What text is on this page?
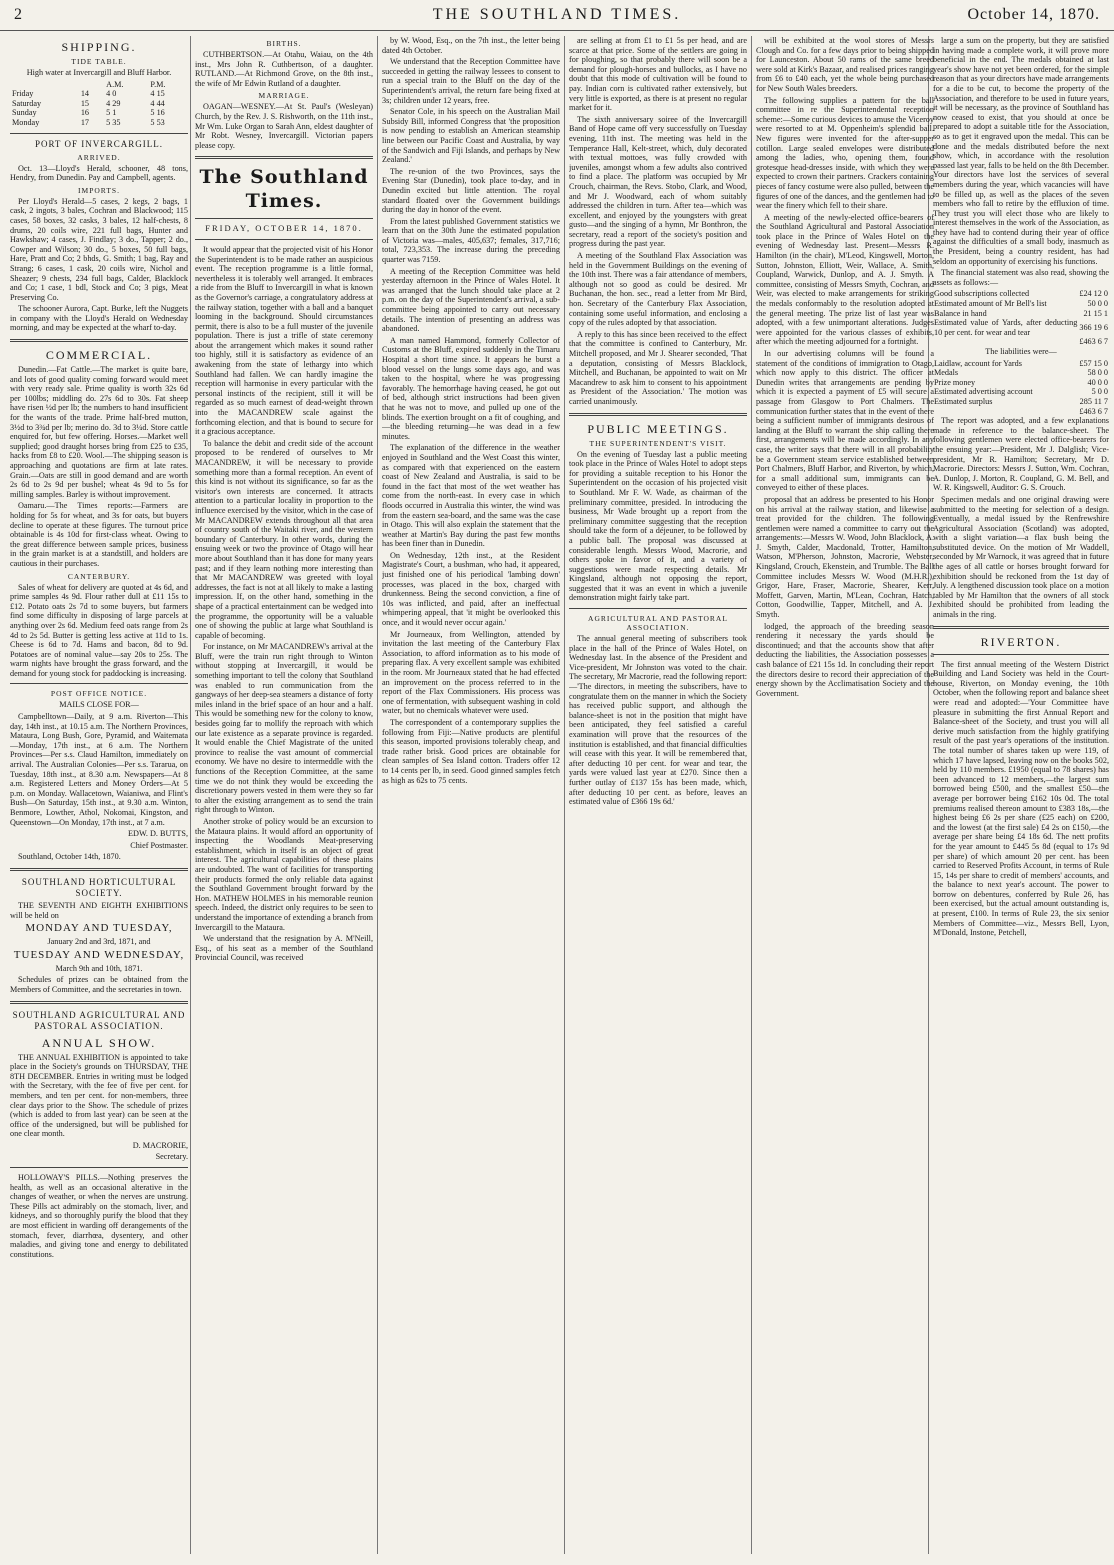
2	THE SOUTHLAND TIMES.	October 14, 1870.
SHIPPING.
TIDE TABLE.

High water at Invercargill and Bluff Harbor.

		A.M.	P.M.
Friday	14	4 0	4 15
Saturday	15	4 29	4 44
Sunday	16	5 1	5 16
Monday	17	5 35	5 53
PORT OF INVERCARGILL.
ARRIVED.

Oct. 13—Lloyd's Herald, schooner, 48 tons, Hendry, from Dunedin. Pay and Campbell, agents.

IMPORTS.

Per Lloyd's Herald—5 cases, 2 kegs, 2 bags, 1 cask, 2 ingots, 3 bales, Cochran and Blackwood; 115 cases, 58 boxes, 32 casks, 3 bales, 12 half-chests, 8 drums, 20 coils wire, 221 full bags, Hunter and Hawkshaw; 4 cases, J. Findlay; 3 do., Tapper; 2 do., Cowper and Wilson; 30 do., 5 boxes, 50 full bags, Hare, Pratt and Co; 2 bhds, G. Smith; 1 bag, Ray and Strang; 6 cases, 1 cask, 20 coils wire, Nichol and Sheazer; 9 chests, 234 full bags, Calder, Blacklock and Co; 1 case, 1 bdl, Stock and Co; 3 pigs, Meat Preserving Co.

The schooner Aurora, Capt. Burke, left the Nuggets in company with the Lloyd's Herald on Wednesday morning, and may be expected at the wharf to-day.

COMMERCIAL.

Dunedin.—Fat Cattle.—The market is quite bare, and lots of good quality coming forward would meet with very ready sale. Prime quality is worth 32s 6d per 100lbs; middling do. 27s 6d to 30s. Fat sheep have risen ½d per lb; the numbers to hand insufficient for the wants of the trade. Prime half-bred mutton, 3½d to 3¾d per lb; merino do. 3d to 3¼d. Store cattle enquired for, but few offering. Horses.—Market well supplied; good draught horses bring from £25 to £35, hacks from £8 to £20. Wool.—The shipping season is approaching and quotations are firm at late rates. Grain.—Oats are still in good demand and are worth 2s 6d to 2s 9d per bushel; wheat 4s 9d to 5s for milling samples. Barley is without improvement.

Oamaru.—The Times reports:—Farmers are holding for 5s for wheat, and 3s for oats, but buyers decline to operate at these figures. The turnout price obtainable is 4s 10d for first-class wheat. Owing to the great difference between sample prices, business in the grain market is at a standstill, and holders are cautious in their purchases.

CANTERBURY.

Sales of wheat for delivery are quoted at 4s 6d, and prime samples 4s 9d. Flour rather dull at £11 15s to £12. Potato oats 2s 7d to some buyers, but farmers find some difficulty in disposing of large parcels at anything over 2s 6d. Medium feed oats range from 2s 4d to 2s 5d. Butter is getting less active at 11d to 1s. Cheese is 6d to 7d. Hams and bacon, 8d to 9d. Potatoes are of nominal value—say 20s to 25s. The warm nights have brought the grass forward, and the demand for young stock for paddocking is increasing.

POST OFFICE NOTICE.

MAILS CLOSE FOR—

Campbelltown—Daily, at 9 a.m. Riverton—This day, 14th inst., at 10.15 a.m. The Northern Provinces, Mataura, Long Bush, Gore, Pyramid, and Waitemata—Monday, 17th inst., at 6 a.m. The Northern Provinces—Per s.s. Claud Hamilton, immediately on arrival. The Australian Colonies—Per s.s. Tararua, on Tuesday, 18th inst., at 8.30 a.m. Newspapers—At 8 a.m. Registered Letters and Money Orders—At 5 p.m. on Monday. Wallacetown, Waianiwa, and Flint's Bush—On Saturday, 15th inst., at 9.30 a.m. Winton, Benmore, Lowther, Athol, Nokomai, Kingston, and Queenstown—On Monday, 17th inst., at 7 a.m.

EDW. D. BUTTS,

Chief Postmaster.

Southland, October 14th, 1870.

SOUTHLAND HORTICULTURAL SOCIETY.

THE SEVENTH AND EIGHTH EXHIBITIONS will be held on

MONDAY AND TUESDAY,

January 2nd and 3rd, 1871, and

TUESDAY AND WEDNESDAY,

March 9th and 10th, 1871.

Schedules of prizes can be obtained from the Members of Committee, and the secretaries in town.

SOUTHLAND AGRICULTURAL AND PASTORAL ASSOCIATION.
ANNUAL SHOW.

THE ANNUAL EXHIBITION is appointed to take place in the Society's grounds on THURSDAY, THE 8TH DECEMBER. Entries in writing must be lodged with the Secretary, with the fee of five per cent. for members, and ten per cent. for non-members, three clear days prior to the Show. The schedule of prizes (which is added to from last year) can be seen at the office of the undersigned, but will be published for one clear month.

D. MACRORIE,

Secretary.

HOLLOWAY'S PILLS.—Nothing preserves the health, as well as an occasional alterative in the changes of weather, or when the nerves are unstrung. These Pills act admirably on the stomach, liver, and kidneys, and so thoroughly purify the blood that they are most efficient in warding off derangements of the stomach, fever, diarrhœa, dysentery, and other maladies, and giving tone and energy to debilitated constitutions.

BIRTHS.

CUTHBERTSON.—At Otahu, Waiau, on the 4th inst., Mrs John R. Cuthbertson, of a daughter. RUTLAND.—At Richmond Grove, on the 8th inst., the wife of Mr Edwin Rutland of a daughter.

MARRIAGE.

OAGAN—WESNEY.—At St. Paul's (Wesleyan) Church, by the Rev. J. S. Rishworth, on the 11th inst., Mr Wm. Luke Organ to Sarah Ann, eldest daughter of Mr Robt. Wesney, Invercargill. Victorian papers please copy.

The Southland Times.
FRIDAY, OCTOBER 14, 1870.

It would appear that the projected visit of his Honor the Superintendent is to be made rather an auspicious event. The reception programme is a little formal, nevertheless it is tolerably well arranged. It embraces a ride from the Bluff to Invercargill in what is known as the Governor's carriage, a congratulatory address at the railway station, together with a ball and a banquet looming in the background. Should circumstances permit, there is also to be a full muster of the juvenile population. There is just a trifle of state ceremony about the arrangement which makes it sound rather too highly, still it is satisfactory as evidence of an awakening from the state of lethargy into which Southland had fallen. We can hardly imagine the reception will harmonise in every particular with the personal instincts of the recipient, still it will be regarded as so much earnest of dead-weight thrown into the MACANDREW scale against the forthcoming election, and that is bound to secure for it a gracious acceptance.

To balance the debit and credit side of the account proposed to be rendered of ourselves to Mr MACANDREW, it will be necessary to provide something more than a formal reception. An event of this kind is not without its significance, so far as the visitor's own interests are concerned. It attracts attention to a particular locality in proportion to the influence exercised by the visitor, which in the case of Mr MACANDREW extends throughout all that area of country south of the Waitaki river, and the western boundary of Canterbury. In other words, during the ensuing week or two the province of Otago will hear more about Southland than it has done for many years past; and if they learn nothing more interesting than that Mr MACANDREW was greeted with loyal addresses, the fact is not at all likely to make a lasting impression. If, on the other hand, something in the shape of a practical entertainment can be wedged into the programme, the opportunity will be a valuable one of showing the public at large what Southland is capable of becoming.

For instance, on Mr MACANDREW's arrival at the Bluff, were the train run right through to Winton without stopping at Invercargill, it would be something important to tell the colony that Southland was enabled to run communication from the gangways of her deep-sea steamers a distance of forty miles inland in the brief space of an hour and a half. This would be something new for the colony to know, besides going far to mollify the reproach with which our late existence as a separate province is regarded. It would enable the Chief Magistrate of the united province to realise the vast amount of commercial economy. We have no desire to intermeddle with the functions of the Reception Committee, at the same time we do not think they would be exceeding the discretionary powers vested in them were they so far to alter the existing arrangement as to send the train right through to Winton.

Another stroke of policy would be an excursion to the Mataura plains. It would afford an opportunity of inspecting the Woodlands Meat-preserving establishment, which in itself is an object of great interest. The agricultural capabilities of these plains are undoubted. The want of facilities for transporting their products formed the only reliable data against the Southland Government brought forward by the Hon. MATHEW HOLMES in his memorable reunion speech. Indeed, the district only requires to be seen to understand the importance of extending a branch from Invercargill to the Mataura.

We understand that the resignation by A. M'Neill, Esq., of his seat as a member of the Southland Provincial Council, was received

by W. Wood, Esq., on the 7th inst., the letter being dated 4th October.

We understand that the Reception Committee have succeeded in getting the railway lessees to consent to run a special train to the Bluff on the day of the Superintendent's arrival, the return fare being fixed at 3s; children under 12 years, free.

Senator Cole, in his speech on the Australian Mail Subsidy Bill, informed Congress that 'the proposition is now pending to establish an American steamship line between our Pacific Coast and Australia, by way of the Sandwich and Fiji Islands, and perhaps by New Zealand.'

The re-union of the two Provinces, says the Evening Star (Dunedin), took place to-day, and in Dunedin excited but little attention. The royal standard floated over the Government buildings during the day in honor of the event.

From the latest published Government statistics we learn that on the 30th June the estimated population of Victoria was—males, 405,637; females, 317,716; total, 723,353. The increase during the preceding quarter was 7159.

A meeting of the Reception Committee was held yesterday afternoon in the Prince of Wales Hotel. It was arranged that the lunch should take place at 2 p.m. on the day of the Superintendent's arrival, a sub-committee being appointed to carry out necessary details. The intention of presenting an address was abandoned.

A man named Hammond, formerly Collector of Customs at the Bluff, expired suddenly in the Timaru Hospital a short time since. It appears he burst a blood vessel on the lungs some days ago, and was taken to the hospital, where he was progressing favorably. The hemorrhage having ceased, he got out of bed, although strict instructions had been given that he was not to move, and pulled up one of the blinds. The exertion brought on a fit of coughing, and—the bleeding returning—he was dead in a few minutes.

The explanation of the difference in the weather enjoyed in Southland and the West Coast this winter, as compared with that experienced on the eastern coast of New Zealand and Australia, is said to be found in the fact that most of the wet weather has come from the north-east. In every case in which floods occurred in Australia this winter, the wind was from the eastern sea-board, and the same was the case in Otago. This will also explain the statement that the weather at Martin's Bay during the past few months has been finer than in Dunedin.

On Wednesday, 12th inst., at the Resident Magistrate's Court, a bushman, who had, it appeared, just finished one of his periodical 'lambing down' processes, was placed in the box, charged with drunkenness. Being the second conviction, a fine of 10s was inflicted, and paid, after an ineffectual whimpering appeal, that 'it might be overlooked this once, and it would never occur again.'

Mr Journeaux, from Wellington, attended by invitation the last meeting of the Canterbury Flax Association, to afford information as to his mode of preparing flax. A very excellent sample was exhibited in the room. Mr Journeaux stated that he had effected an improvement on the process referred to in the report of the Flax Commissioners. His process was one of fermentation, with subsequent washing in cold water, but no chemicals whatever were used.

The correspondent of a contemporary supplies the following from Fiji:—Native products are plentiful this season, imported provisions tolerably cheap, and trade rather brisk. Good prices are obtainable for clean samples of Sea Island cotton. Traders offer 12 to 14 cents per lb, in seed. Good ginned samples fetch as high as 62s to 75 cents.

are selling at from £1 to £1 5s per head, and are scarce at that price. Some of the settlers are going in for ploughing, so that probably there will soon be a demand for plough-horses and bullocks, as I have no doubt that this mode of cultivation will be found to pay. Indian corn is cultivated rather extensively, but very little is exported, as there is at present no regular market for it.

The sixth anniversary soiree of the Invercargill Band of Hope came off very successfully on Tuesday evening, 11th inst. The meeting was held in the Temperance Hall, Kelt-street, which, duly decorated with textual mottoes, was fully crowded with juveniles, amongst whom a few adults also contrived to find a place. The platform was occupied by Mr Crouch, chairman, the Revs. Stobo, Clark, and Wood, and Mr J. Woodward, each of whom suitably addressed the children in turn. After tea—which was excellent, and enjoyed by the youngsters with great gusto—and the singing of a hymn, Mr Bonthron, the secretary, read a report of the society's position and progress during the past year.

A meeting of the Southland Flax Association was held in the Government Buildings on the evening of the 10th inst. There was a fair attendance of members, although not so good as could be desired. Mr Buchanan, the hon. sec., read a letter from Mr Bird, hon. Secretary of the Canterbury Flax Association, containing some useful information, and enclosing a copy of the rules adopted by that association.

A reply to this has since been received to the effect that the committee is confined to Canterbury, Mr. Mitchell proposed, and Mr J. Shearer seconded, 'That a deputation, consisting of Messrs Blacklock, Mitchell, and Buchanan, be appointed to wait on Mr Macandrew to ask him to consent to his appointment as President of the Association.' The motion was carried unanimously.

PUBLIC MEETINGS.
THE SUPERINTENDENT'S VISIT.

On the evening of Tuesday last a public meeting took place in the Prince of Wales Hotel to adopt steps for providing a suitable reception to his Honor the Superintendent on the occasion of his projected visit to Southland. Mr F. W. Wade, as chairman of the preliminary committee, presided. In introducing the business, Mr Wade brought up a report from the preliminary committee suggesting that the reception should take the form of a déjeuner, to be followed by a public ball. The proposal was discussed at considerable length. Messrs Wood, Macrorie, and others spoke in favor of it, and a variety of suggestions were made respecting details. Mr Kingsland, although not opposing the report, suggested that it was an event in which a juvenile demonstration might fairly take part.

AGRICULTURAL AND PASTORAL ASSOCIATION.

The annual general meeting of subscribers took place in the hall of the Prince of Wales Hotel, on Wednesday last. In the absence of the President and Vice-president, Mr Johnston was voted to the chair. The secretary, Mr Macrorie, read the following report:—'The directors, in meeting the subscribers, have to congratulate them on the manner in which the Society has received public support, and although the balance-sheet is not in the position that might have been anticipated, they feel satisfied a careful examination will prove that the resources of the institution is established, and that financial difficulties will cease with this year. It will be remembered that, after deducting 10 per cent. for wear and tear, the yards were valued last year at £270. Since then a further outlay of £137 15s has been made, which, after deducting 10 per cent. as before, leaves an estimated value of £366 19s 6d.'

will be exhibited at the wool stores of Messrs Clough and Co. for a few days prior to being shipped for Launceston. About 50 rams of the same breed were sold at Kirk's Bazaar, and realised prices ranging from £6 to £40 each, yet the whole being purchased for New South Wales breeders.

The following supplies a pattern for the ball committee in re the Superintendental reception scheme:—Some curious devices to amuse the Viceroy were resorted to at M. Oppenheim's splendid ball. New figures were invented for the after-supper cotillon. Large sealed envelopes were distributed among the ladies, who, opening them, found grotesque head-dresses inside, with which they were expected to crown their partners. Crackers containing pieces of fancy costume were also pulled, between the figures of one of the dances, and the gentlemen had to wear the finery which fell to their share.

A meeting of the newly-elected office-bearers of the Southland Agricultural and Pastoral Association took place in the Prince of Wales Hotel on the evening of Wednesday last. Present—Messrs R. Hamilton (in the chair), M'Leod, Kingswell, Morton, Sutton, Johnston, Elliott, Weir, Wallace, A. Smith, Coupland, Warwick, Dunlop, and A. J. Smyth. A committee, consisting of Messrs Smyth, Cochran, and Weir, was elected to make arrangements for striking the medals conformably to the resolution adopted at the general meeting. The prize list of last year was adopted, with a few unimportant alterations. Judges were appointed for the various classes of exhibits, after which the meeting adjourned for a fortnight.

In our advertising columns will be found a statement of the conditions of immigration to Otago, which now apply to this district. The officer at Dunedin writes that arrangements are pending by which it is expected a payment of £5 will secure a passage from Glasgow to Port Chalmers. The communication further states that in the event of there being a sufficient number of immigrants desirous of landing at the Bluff to warrant the ship calling there first, arrangements will be made accordingly. In any case, the writer says that there will in all probability be a Government steam service established between Port Chalmers, Bluff Harbor, and Riverton, by which, for a small additional sum, immigrants can be conveyed to either of these places.

proposal that an address be presented to his Honor on his arrival at the railway station, and likewise a treat provided for the children. The following gentlemen were named a committee to carry out the arrangements:—Messrs W. Wood, John Blacklock, A. J. Smyth, Calder, Macdonald, Trotter, Hamilton, Watson, M'Pherson, Johnston, Macrorie, Webster, Kingsland, Crouch, Ekenstein, and Trumble. The Ball Committee includes Messrs W. Wood (M.H.R.), Grigor, Hare, Fraser, Macrorie, Shearer, Kerr, Moffett, Garven, Martin, M'Lean, Cochran, Hatch, Cotton, Goodwillie, Tapper, Mitchell, and A. J. Smyth.

lodged, the approach of the breeding season rendering it necessary the yards should be discontinued; and that the accounts show that after deducting the liabilities, the Association possesses a cash balance of £21 15s 1d. In concluding their report the directors desire to record their appreciation of the energy shown by the Acclimatisation Society and the Government.

large a sum on the property, but they are satisfied in having made a complete work, it will prove more beneficial in the end. The medals obtained at last year's show have not yet been ordered, for the simple reason that as your directors have made arrangements for a die to be cut, to become the property of the Association, and therefore to be used in future years, it will be necessary, as the province of Southland has now ceased to exist, that you should at once be prepared to adopt a suitable title for the Association, so as to get it engraved upon the medal. This can be done and the medals distributed before the next show, which, in accordance with the resolution passed last year, falls to be held on the 8th December. Your directors have lost the services of several members during the year, which vacancies will have to be filled up, as well as the places of the seven members who fall to retire by the effluxion of time. They trust you will elect those who are likely to interest themselves in the work of the Association, as they have had to contend during their year of office against the difficulties of a small body, inasmuch as the President, being a country resident, has had seldom an opportunity of exercising his functions.

The financial statement was also read, showing the assets as follows:—

Good subscriptions collected	£24 12 0
Estimated amount of Mr Bell's list	50 0 0
Balance in hand	21 15 1
Estimated value of Yards, after deducting 10 per cent. for wear and tear	366 19 6
	£463 6 7

The liabilities were—

Laidlaw, account for Yards	£57 15 0
Medals	58 0 0
Prize money	40 0 0
Estimated advertising account	5 0 0
Estimated surplus	285 11 7
	£463 6 7

The report was adopted, and a few explanations made in reference to the balance-sheet. The following gentlemen were elected office-bearers for the ensuing year:—President, Mr J. Dalglish; Vice-president, Mr R. Hamilton; Secretary, Mr D. Macrorie. Directors: Messrs J. Sutton, Wm. Cochran, A. Dunlop, J. Morton, R. Coupland, G. M. Bell, and W. R. Kingswell, Auditor: G. S. Crouch.

Specimen medals and one original drawing were submitted to the meeting for selection of a design. Eventually, a medal issued by the Renfrewshire Agricultural Association (Scotland) was adopted, with a slight variation—a flax bush being the substituted device. On the motion of Mr Waddell, seconded by Mr Warnock, it was agreed that in future the ages of all cattle or horses brought forward for exhibition should be reckoned from the 1st day of July. A lengthened discussion took place on a motion tabled by Mr Hamilton that the owners of all stock exhibited should be prohibited from leading the animals in the ring.

RIVERTON.

The first annual meeting of the Western District Building and Land Society was held in the Court-house, Riverton, on Monday evening, the 10th October, when the following report and balance sheet were read and adopted:—'Your Committee have pleasure in submitting the first Annual Report and Balance-sheet of the Society, and trust you will all derive much satisfaction from the highly gratifying result of the past year's operations of the institution. The total number of shares taken up were 119, of which 17 have lapsed, leaving now on the books 502, held by 110 members. £1950 (equal to 78 shares) has been advanced to 12 members,—the largest sum borrowed being £500, and the smallest £50—the average per borrower being £162 10s 0d. The total premiums realised thereon amount to £383 18s,—the highest being £6 2s per share (£25 each) on £200, and the lowest (at the first sale) £4 2s on £150,—the average per share being £4 18s 6d. The nett profits for the year amount to £445 5s 8d (equal to 17s 9d per share) of which amount 20 per cent. has been carried to Reserved Profits Account, in terms of Rule 15, 14s per share to credit of members' accounts, and the balance to next year's account. The power to borrow on debentures, conferred by Rule 26, has been exercised, but the actual amount outstanding is, at present, £100. In terms of Rule 23, the six senior Members of Committee—viz., Messrs Bell, Lyon, M'Donald, Instone, Petchell,
